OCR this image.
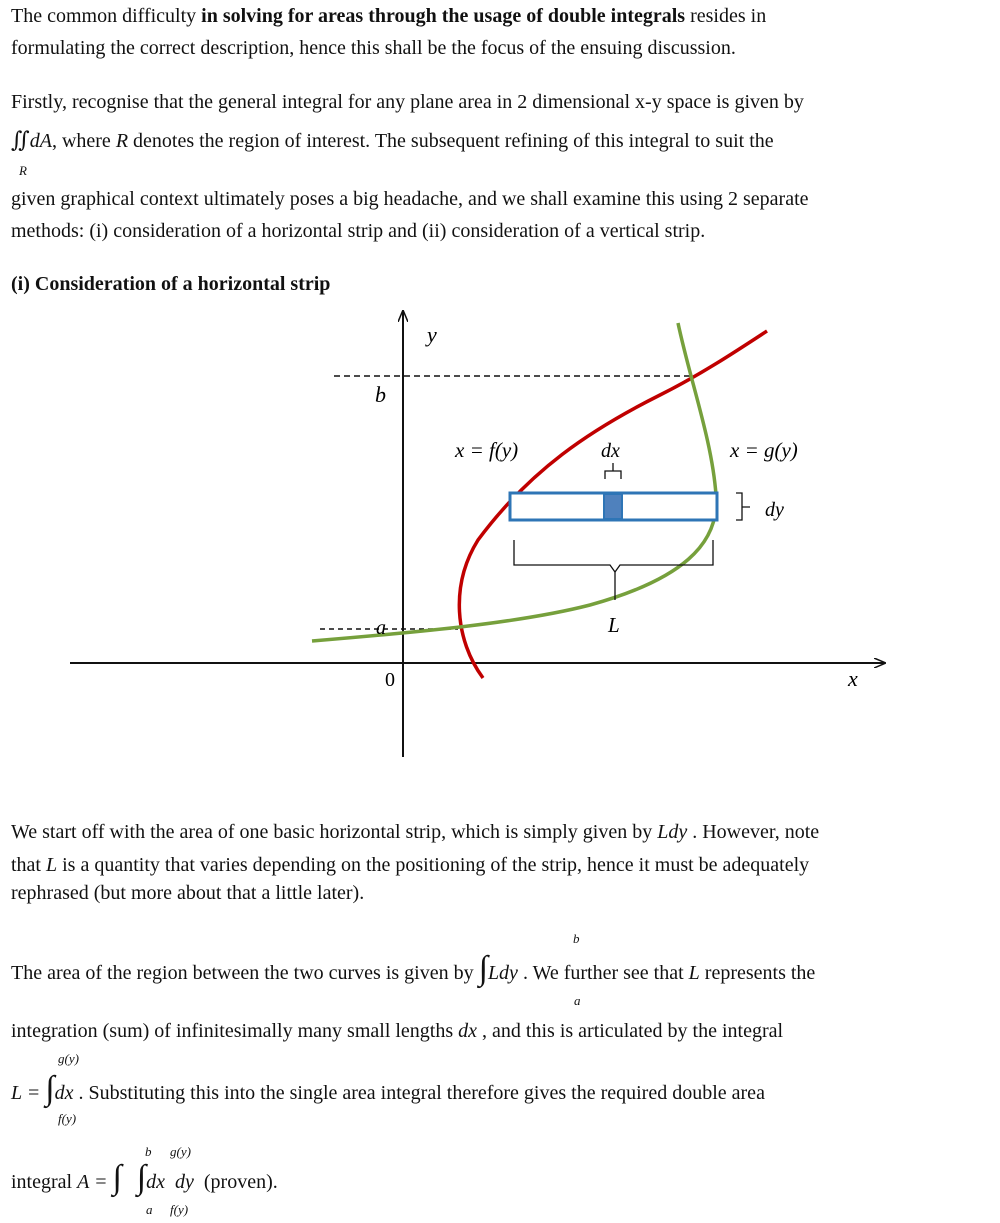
The common difficulty in solving for areas through the usage of double integrals resides in
formulating the correct description, hence this shall be the focus of the ensuing discussion.
Firstly, recognise that the general integral for any plane area in 2 dimensional x-y space is given by
∬dA, where R denotes the region of interest. The subsequent refining of this integral to suit the
R
given graphical context ultimately poses a big headache, and we shall examine this using 2 separate
methods: (i) consideration of a horizontal strip and (ii) consideration of a vertical strip.
(i) Consideration of a horizontal strip
y
x
0
b
a
x = f(y)	x = g(y)
dx
dy
L
We start off with the area of one basic horizontal strip, which is simply given by Ldy . However, note
that L is a quantity that varies depending on the positioning of the strip, hence it must be adequately
rephrased (but more about that a little later).
b
The area of the region between the two curves is given by ∫Ldy . We further see that L represents the
a
integration (sum) of infinitesimally many small lengths dx , and this is articulated by the integral
g(y)
L = ∫dx . Substituting this into the single area integral therefore gives the required double area
f(y)
b g(y)
integral A = ∫ ∫dx  dy  (proven).
a f(y)
